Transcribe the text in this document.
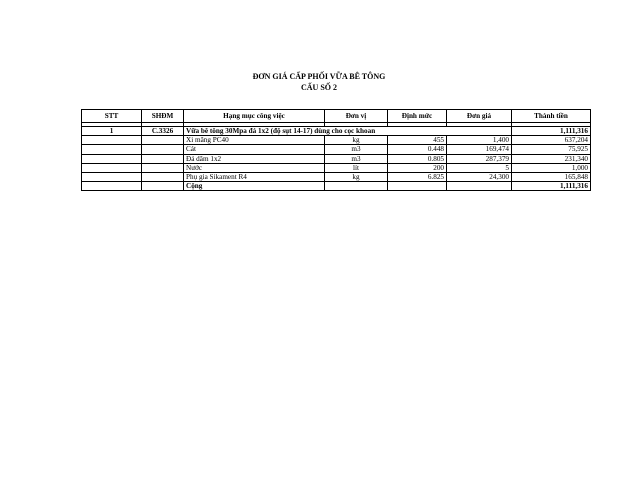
ĐƠN GIÁ CẤP PHỐI VỮA BÊ TÔNG
CẤU SỐ 2
STT	SHĐM	Hạng mục công việc	Đơn vị	Định mức	Đơn giá	Thành tiền

1	C.3326	Vữa bê tông 30Mpa đá 1x2 (độ sụt 14-17) dùng cho cọc khoan				1,111,316
		Xi măng PC40	kg	455	1,400	637,204
		Cát	m3	0.448	169,474	75,925
		Đá dăm 1x2	m3	0.805	287,379	231,340
		Nước	lít	200	5	1,000
		Phụ gia Sikament R4	kg	6.825	24,300	165,848
		Cộng				1,111,316
